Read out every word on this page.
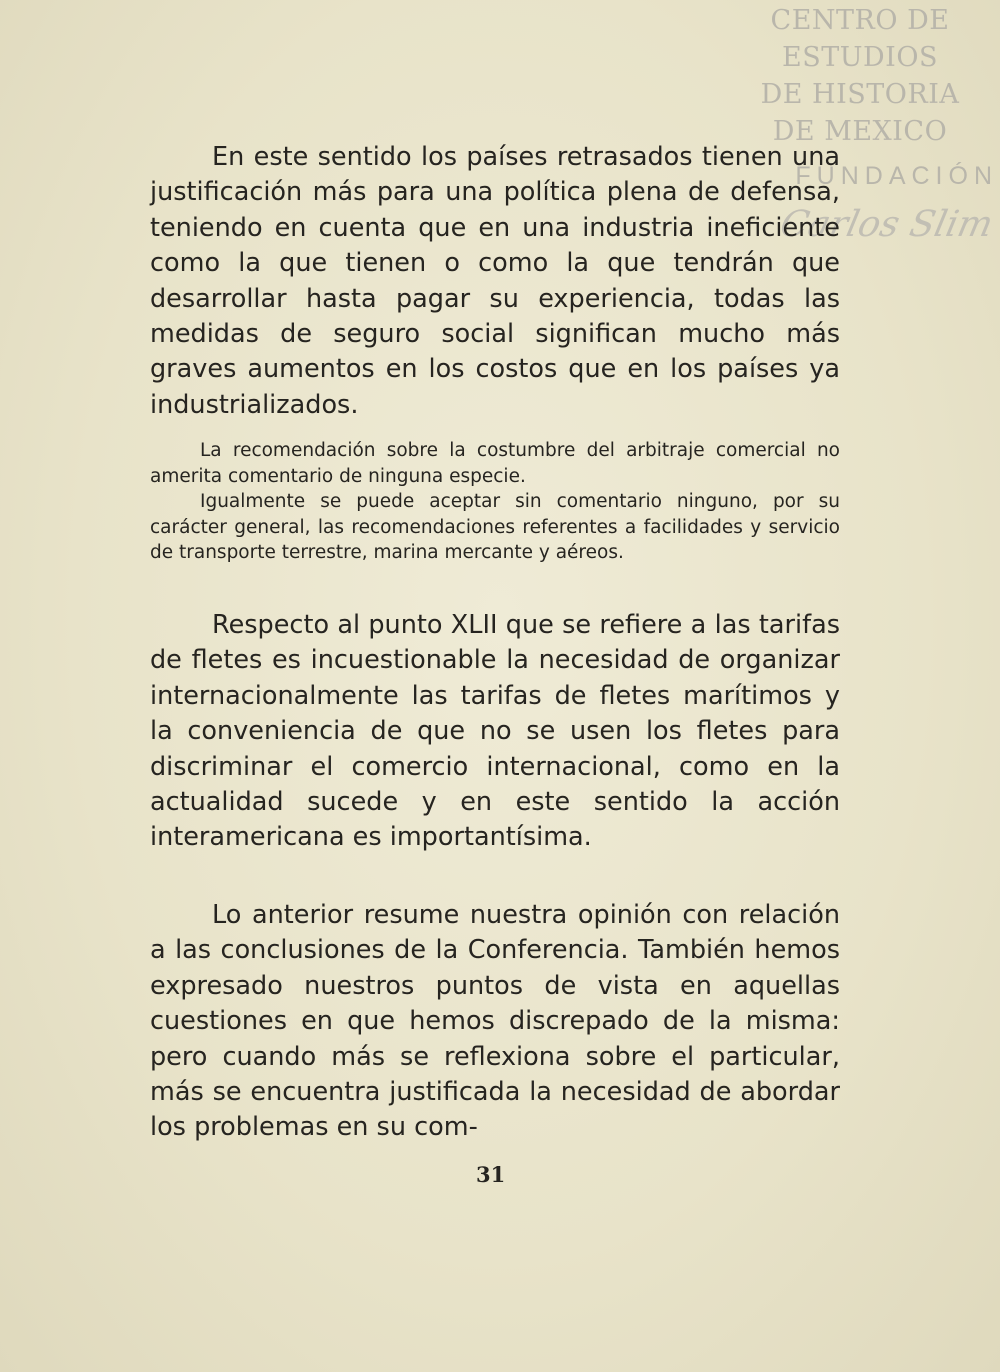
CENTRO DE
ESTUDIOS
DE HISTORIA
DE MEXICO
FUNDACIÓN
Carlos Slim

En este sentido los países retrasados tienen una justificación más para una política plena de defensa, teniendo en cuenta que en una industria ineficiente como la que tienen o como la que tendrán que desarrollar hasta pagar su experiencia, todas las medidas de seguro social significan mucho más graves aumentos en los costos que en los países ya industrializados.

La recomendación sobre la costumbre del arbitraje comercial no amerita comentario de ninguna especie.

Igualmente se puede aceptar sin comentario ninguno, por su carácter general, las recomendaciones referentes a facilidades y servicio de transporte terrestre, marina mercante y aéreos.

Respecto al punto XLII que se refiere a las tarifas de fletes es incuestionable la necesidad de organizar internacionalmente las tarifas de fletes marítimos y la conveniencia de que no se usen los fletes para discriminar el comercio internacional, como en la actualidad sucede y en este sentido la acción interamericana es importantísima.

Lo anterior resume nuestra opinión con relación a las conclusiones de la Conferencia. También hemos expresado nuestros puntos de vista en aquellas cuestiones en que hemos discrepado de la misma: pero cuando más se reflexiona sobre el particular, más se encuentra justificada la necesidad de abordar los problemas en su com-

31
